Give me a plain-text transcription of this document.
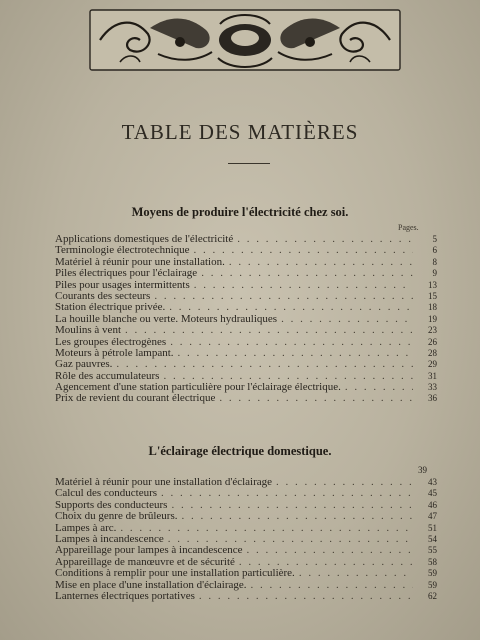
TABLE DES MATIÈRES
Moyens de produire l'électricité chez soi.
Pages.
Applications domestiques de l'électricité . . .	5
Terminologie électrotechnique . . .	6
Matériel à réunir pour une installation. . . .	8
Piles électriques pour l'éclairage . . .	9
Piles pour usages intermittents . . .	13
Courants des secteurs . . .	15
Station électrique privée. . . .	18
La houille blanche ou verte. Moteurs hydrauliques . . .	19
Moulins à vent . . .	23
Les groupes électrogènes . . .	26
Moteurs à pétrole lampant. . . .	28
Gaz pauvres. . . .	29
Rôle des accumulateurs . . .	31
Agencement d'une station particulière pour l'éclairage électrique. . . .	33
Prix de revient du courant électrique . . .	36
L'éclairage électrique domestique.
39
Matériel à réunir pour une installation d'éclairage . . .	43
Calcul des conducteurs . . .	45
Supports des conducteurs . . .	46
Choix du genre de brûleurs. . . .	47
Lampes à arc. . . .	51
Lampes à incandescence . . .	54
Appareillage pour lampes à incandescence . . .	55
Appareillage de manœuvre et de sécurité . . .	58
Conditions à remplir pour une installation particulière. . . .	59
Mise en place d'une installation d'éclairage. . . .	59
Lanternes électriques portatives . . .	62
